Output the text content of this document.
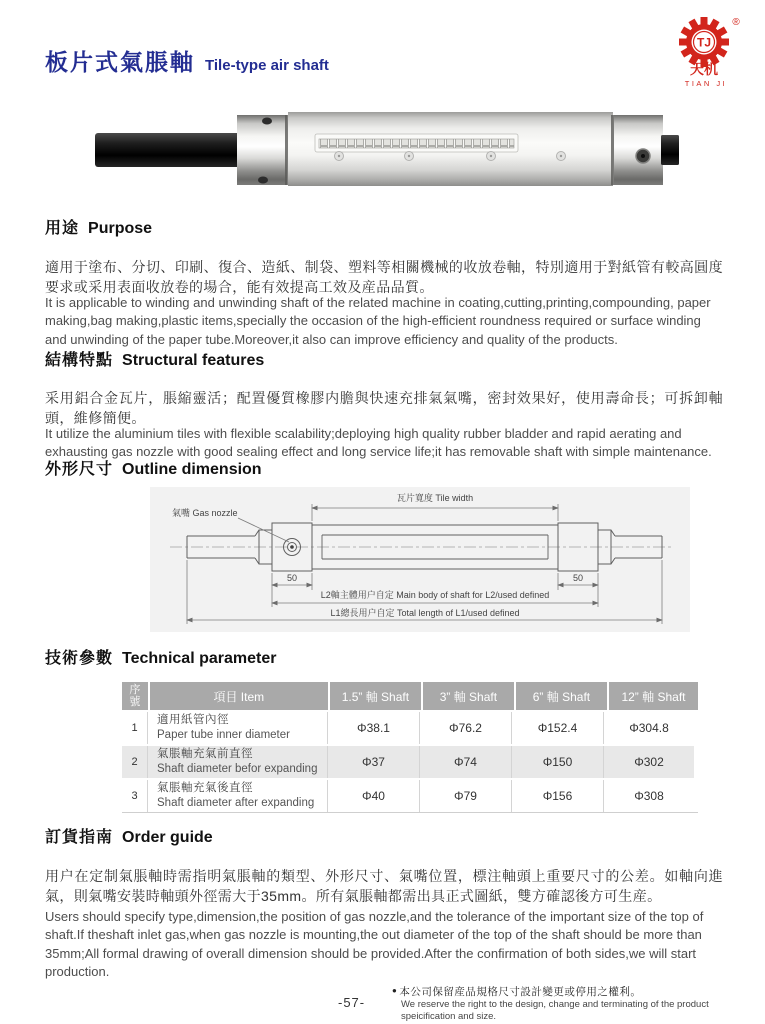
板片式氣脹軸 Tile-type air shaft
TJ
®
天机
TIAN JI
用途 Purpose

適用于塗布、分切、印刷、復合、造紙、制袋、塑料等相關機械的收放卷軸，特別適用于對紙管有較高圓度要求或采用表面收放卷的場合，能有效提高工效及産品品質。

It is applicable to winding and unwinding shaft of the related machine in coating,cutting,printing,compounding, paper making,bag making,plastic items,specially the occasion of the high-efficient roundness required or surface winding and unwinding of the paper tube.Moreover,it also can improve efficiency and quality of the products.

結構特點 Structural features

采用鋁合金瓦片，脹縮靈活；配置優質橡膠内膽與快速充排氣氣嘴，密封效果好，使用壽命長；可拆卸軸頭，維修簡便。

It utilize the aluminium tiles with flexible scalability;deploying high quality rubber bladder and rapid aerating and exhausting gas nozzle with good sealing effect and long service life;it has removable shaft with simple maintenance.

外形尺寸 Outline dimension
瓦片寬度 Tile width
氣嘴 Gas nozzle
50	50
L2軸主體用户自定 Main body of shaft for L2/used defined
L1總長用户自定 Total length of L1/used defined
技術參數 Technical parameter
序號	項目 Item	1.5” 軸 Shaft	3” 軸 Shaft	6” 軸 Shaft	12” 軸 Shaft
1
適用紙管內徑
Paper tube inner diameter	Φ38.1	Φ76.2	Φ152.4	Φ304.8
2
氣脹軸充氣前直徑
Shaft diameter befor expanding	Φ37	Φ74	Φ150	Φ302
3
氣脹軸充氣後直徑
Shaft diameter after expanding	Φ40	Φ79	Φ156	Φ308
訂貨指南 Order guide

用户在定制氣脹軸時需指明氣脹軸的類型、外形尺寸、氣嘴位置，標注軸頭上重要尺寸的公差。如軸向進氣，則氣嘴安裝時軸頭外徑需大于35mm。所有氣脹軸都需出具正式圖紙，雙方確認後方可生産。

Users should specify type,dimension,the position of gas nozzle,and the tolerance of the important size of the top of shaft.If theshaft inlet gas,when gas nozzle is mounting,the out diameter of the top of the shaft should be more than 35mm;All formal drawing of overall dimension should be provided.After the confirmation of both sides,we will start production.

-57-
● 本公司保留産品規格尺寸設計變更或停用之權利。
We reserve the right to the design, change and terminating of the product speicification and size.
